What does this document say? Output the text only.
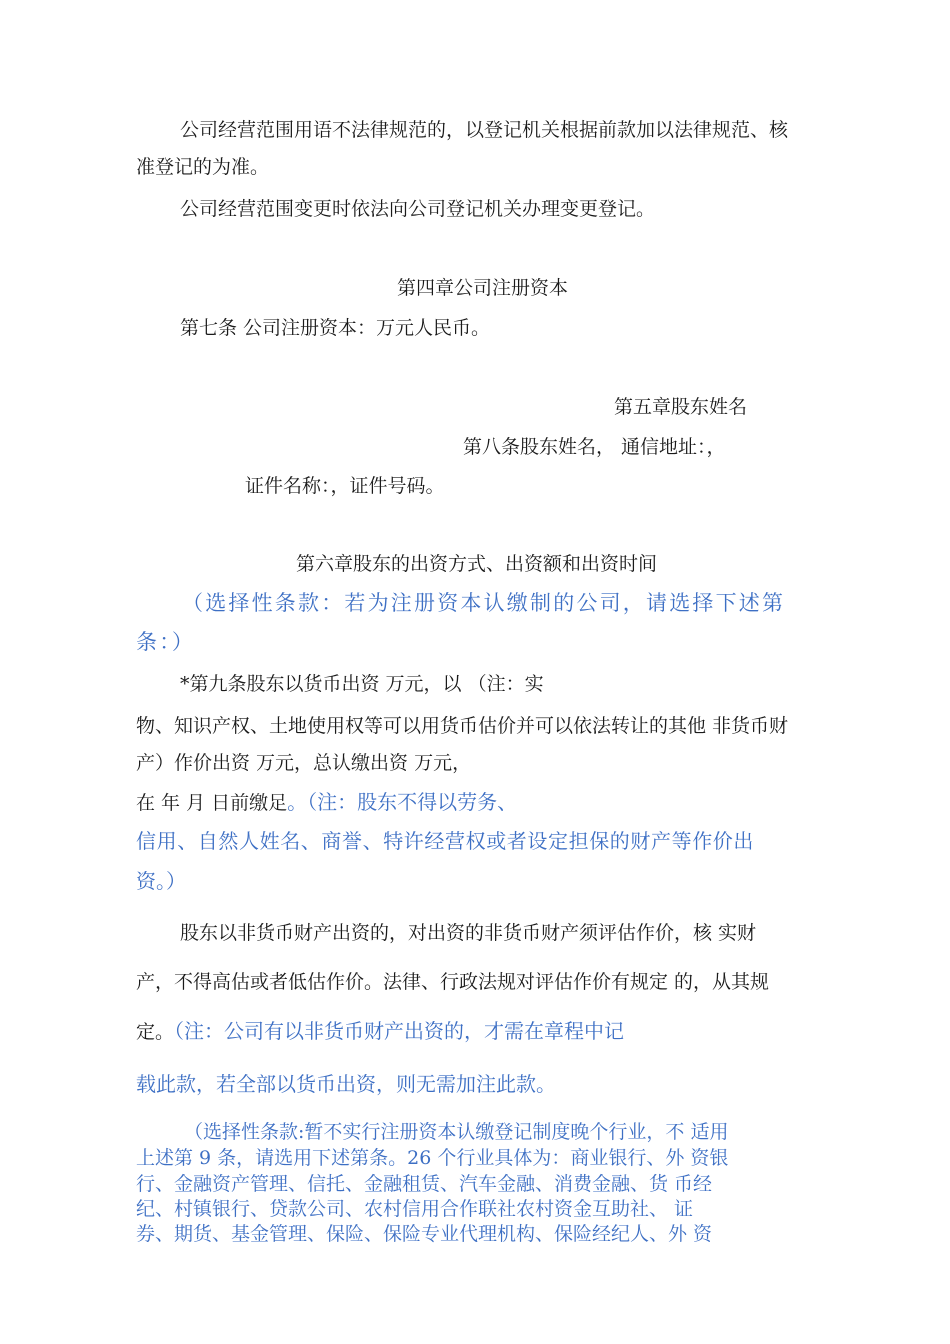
公司经营范围用语不法律规范的，以登记机关根据前款加以法律规范、核
准登记的为准。
公司经营范围变更时依法向公司登记机关办理变更登记。
第四章公司注册资本
第七条 公司注册资本：万元人民币。
第五章股东姓名
第八条股东姓名， 通信地址：，
证件名称：，证件号码。
第六章股东的出资方式、出资额和出资时间
（选择性条款：若为注册资本认缴制的公司，请选择下述第
条：）
*第九条股东以货币出资 万元，以 （注：实
物、知识产权、土地使用权等可以用货币估价并可以依法转让的其他 非货币财
产）作价出资 万元，总认缴出资 万元，
在 年 月 日前缴足。（注：股东不得以劳务、
信用、自然人姓名、商誉、特许经营权或者设定担保的财产等作价出
资。）
股东以非货币财产出资的，对出资的非货币财产须评估作价，核 实财
产，不得高估或者低估作价。法律、行政法规对评估作价有规定 的，从其规
定。（注：公司有以非货币财产出资的，才需在章程中记
载此款，若全部以货币出资，则无需加注此款。
（选择性条款:暂不实行注册资本认缴登记制度晚个行业，不 适用
上述第 9 条，请选用下述第条。26 个行业具体为：商业银行、外 资银
行、金融资产管理、信托、金融租赁、汽车金融、消费金融、货 币经
纪、村镇银行、贷款公司、农村信用合作联社农村资金互助社、 证
券、期货、基金管理、保险、保险专业代理机构、保险经纪人、外 资
